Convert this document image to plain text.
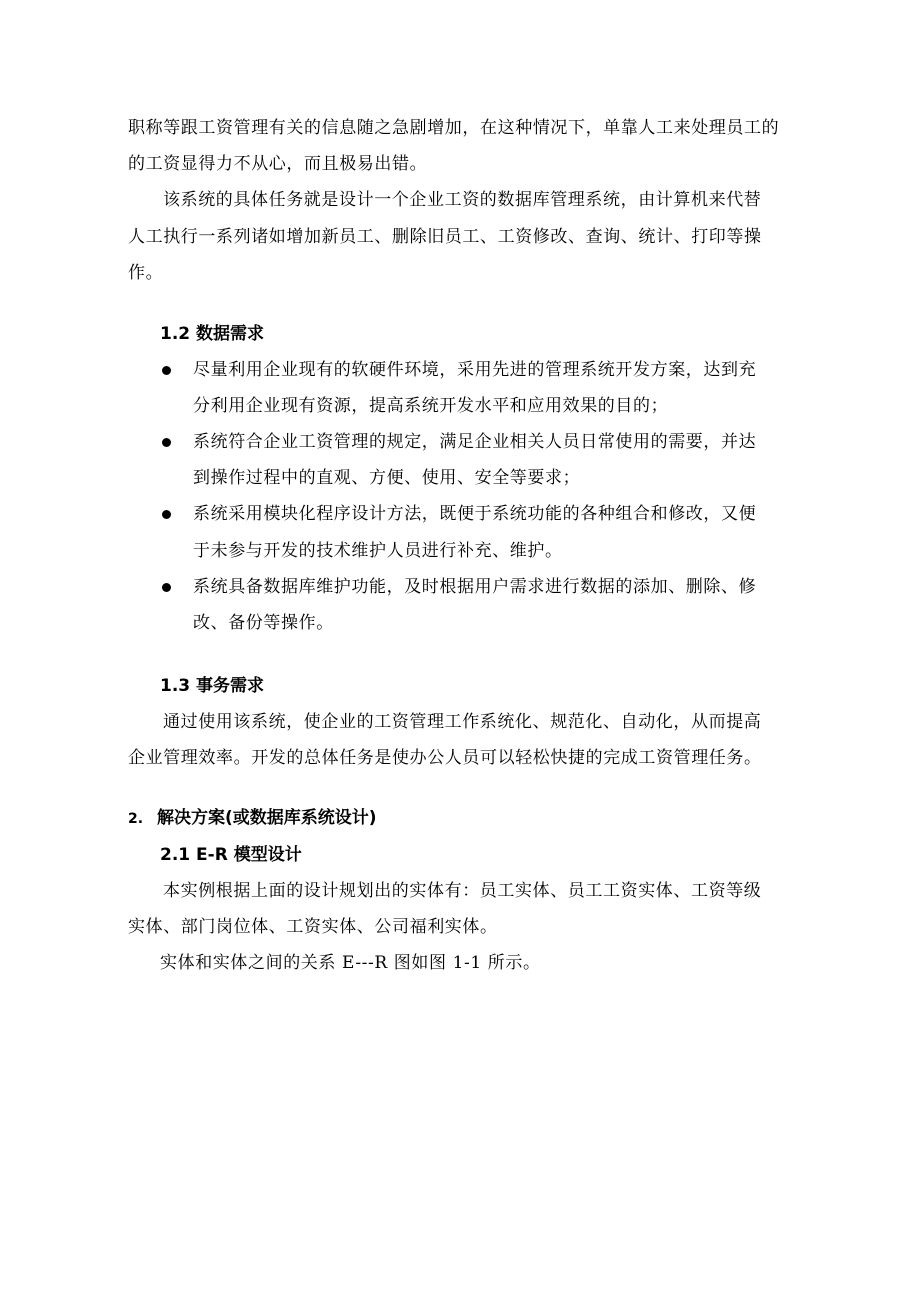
职称等跟工资管理有关的信息随之急剧增加，在这种情况下，单靠人工来处理员工的
的工资显得力不从心，而且极易出错。
该系统的具体任务就是设计一个企业工资的数据库管理系统，由计算机来代替
人工执行一系列诸如增加新员工、删除旧员工、工资修改、查询、统计、打印等操
作。
1.2 数据需求
尽量利用企业现有的软硬件环境，采用先进的管理系统开发方案，达到充
分利用企业现有资源，提高系统开发水平和应用效果的目的；
系统符合企业工资管理的规定，满足企业相关人员日常使用的需要，并达
到操作过程中的直观、方便、使用、安全等要求；
系统采用模块化程序设计方法，既便于系统功能的各种组合和修改，又便
于未参与开发的技术维护人员进行补充、维护。
系统具备数据库维护功能，及时根据用户需求进行数据的添加、删除、修
改、备份等操作。
1.3 事务需求
通过使用该系统，使企业的工资管理工作系统化、规范化、自动化，从而提高
企业管理效率。开发的总体任务是使办公人员可以轻松快捷的完成工资管理任务。
2. 解决方案(或数据库系统设计)
2.1 E-R 模型设计
本实例根据上面的设计规划出的实体有：员工实体、员工工资实体、工资等级
实体、部门岗位体、工资实体、公司福利实体。
实体和实体之间的关系 E---R 图如图 1-1 所示。
